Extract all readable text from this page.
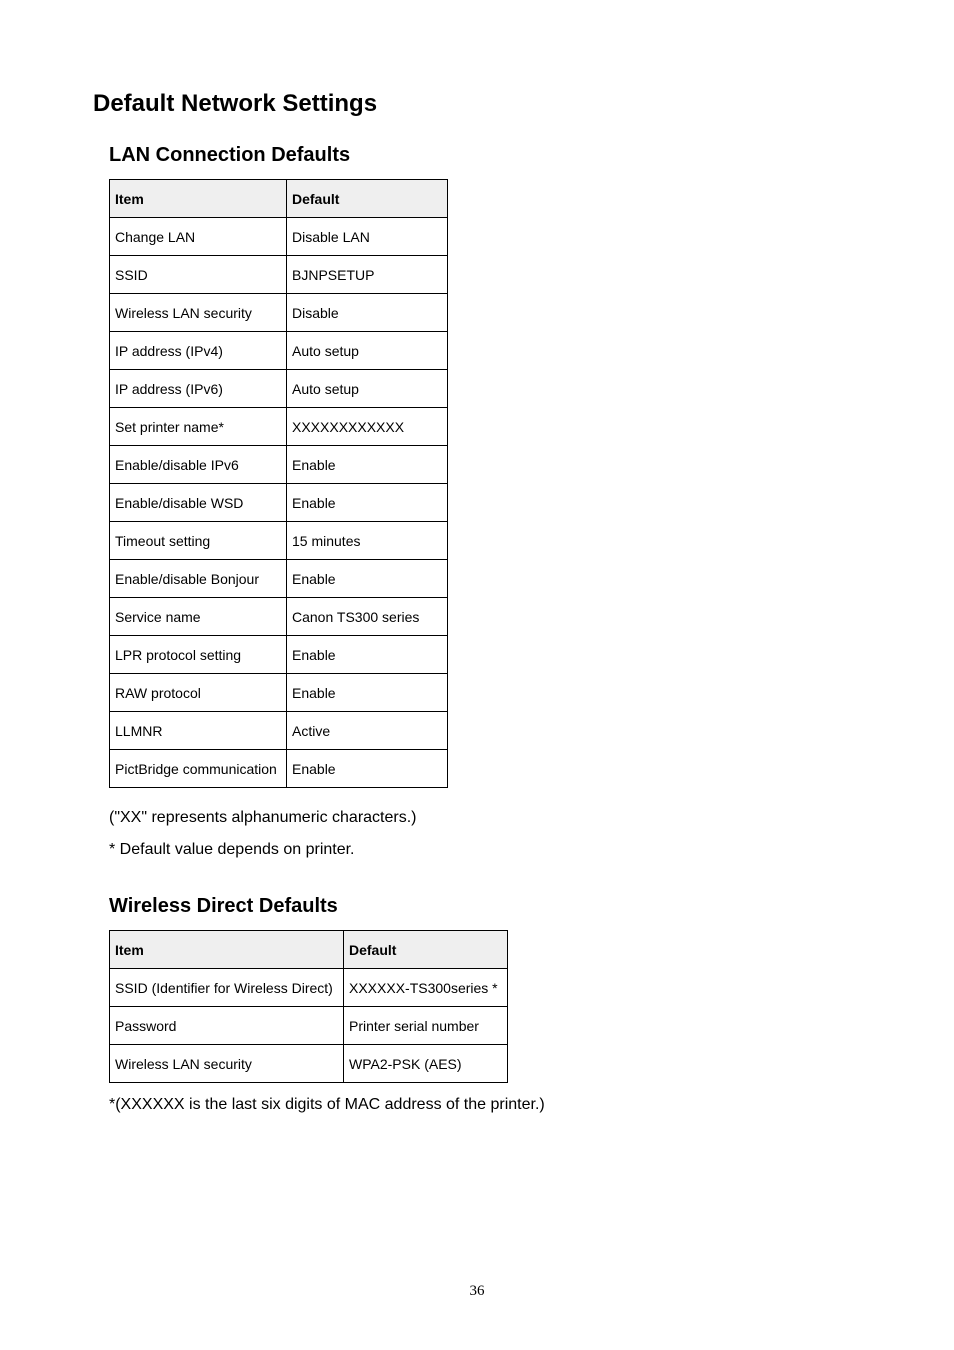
Default Network Settings
LAN Connection Defaults
Item	Default
Change LAN	Disable LAN
SSID	BJNPSETUP
Wireless LAN security	Disable
IP address (IPv4)	Auto setup
IP address (IPv6)	Auto setup
Set printer name*	XXXXXXXXXXXX
Enable/disable IPv6	Enable
Enable/disable WSD	Enable
Timeout setting	15 minutes
Enable/disable Bonjour	Enable
Service name	Canon TS300 series
LPR protocol setting	Enable
RAW protocol	Enable
LLMNR	Active
PictBridge communication	Enable

("XX" represents alphanumeric characters.)

* Default value depends on printer.

Wireless Direct Defaults
Item	Default
SSID (Identifier for Wireless Direct)	XXXXXX-TS300series *
Password	Printer serial number
Wireless LAN security	WPA2-PSK (AES)

*(XXXXXX is the last six digits of MAC address of the printer.)

36
